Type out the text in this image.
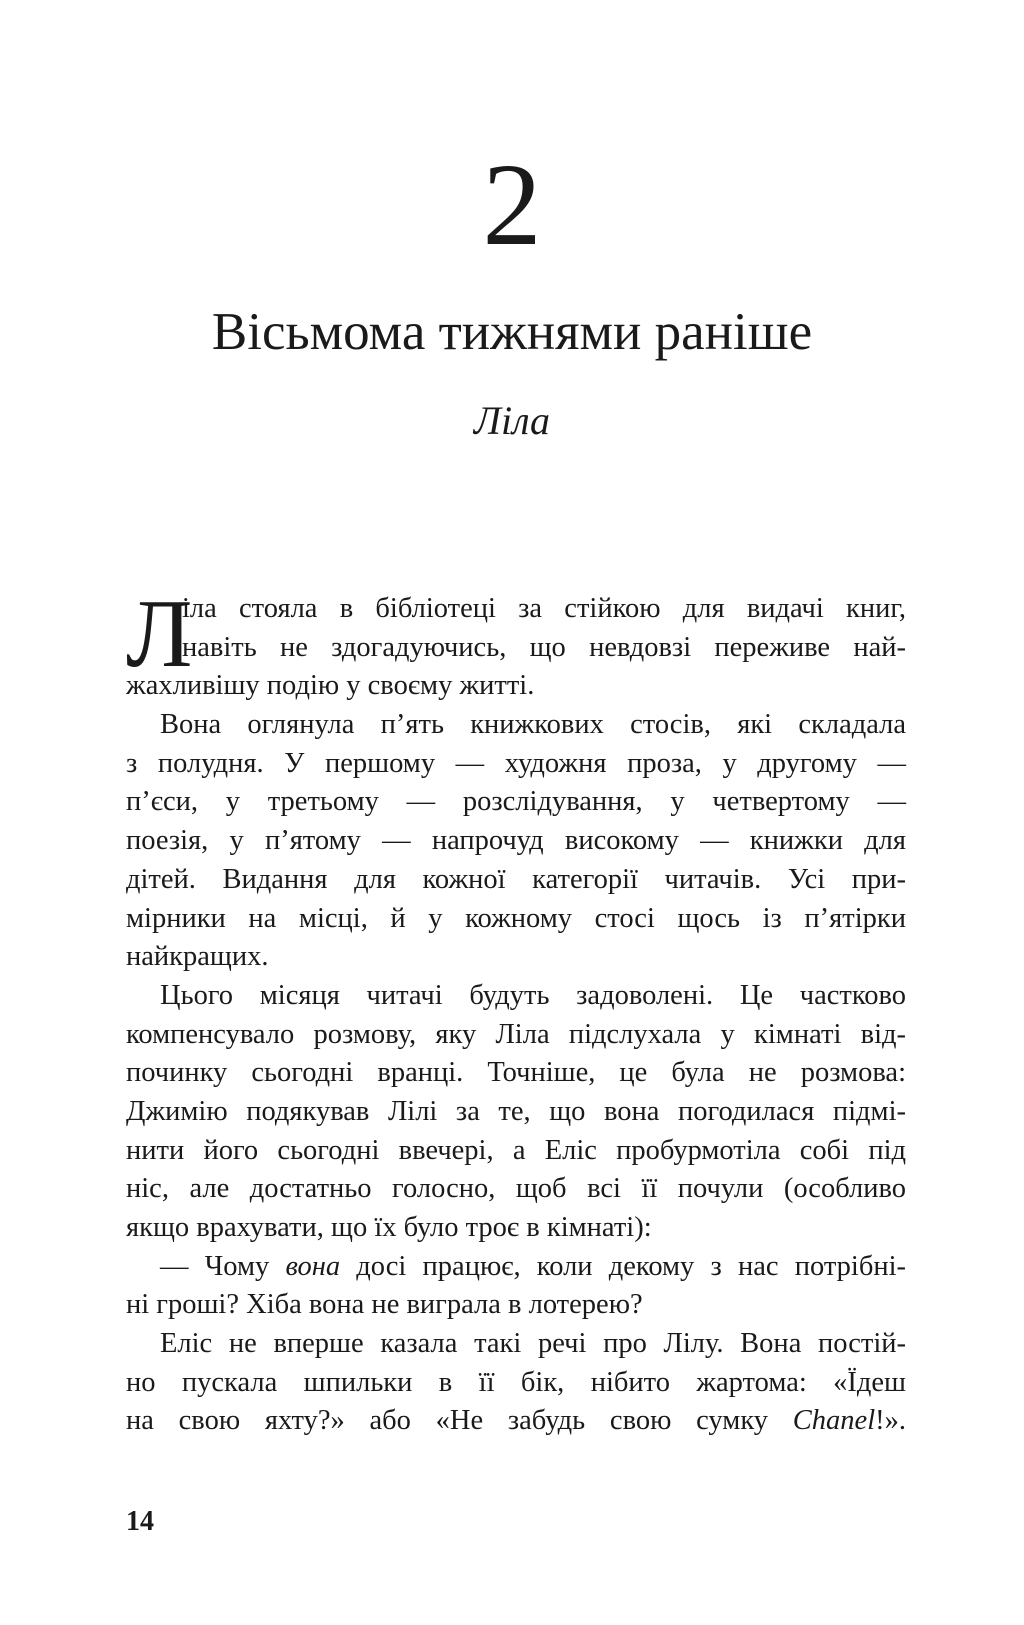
2
Вісьмома тижнями раніше

Ліла

Л
іла стояла в бібліотеці за стійкою для видачі книг,
навіть не здогадуючись, що невдовзі переживе най-
жахливішу подію у своєму житті.
Вона оглянула п’ять книжкових стосів, які складала
з полудня. У першому — художня проза, у другому —
п’єси, у третьому — розслідування, у четвертому —
поезія, у п’ятому — напрочуд високому — книжки для
дітей. Видання для кожної категорії читачів. Усі при-
мірники на місці, й у кожному стосі щось із п’ятірки
найкращих.
Цього місяця читачі будуть задоволені. Це частково
компенсувало розмову, яку Ліла підслухала у кімнаті від-
починку сьогодні вранці. Точніше, це була не розмова:
Джимію подякував Лілі за те, що вона погодилася підмі-
нити його сьогодні ввечері, а Еліс пробурмотіла собі під
ніс, але достатньо голосно, щоб всі її почули (особливо
якщо врахувати, що їх було троє в кімнаті):
— Чому вона досі працює, коли декому з нас потрібні-
ні гроші? Хіба вона не виграла в лотерею?
Еліс не вперше казала такі речі про Лілу. Вона постій-
но пускала шпильки в її бік, нібито жартома: «Їдеш
на свою яхту?» або «Не забудь свою сумку Chanel!».
14
